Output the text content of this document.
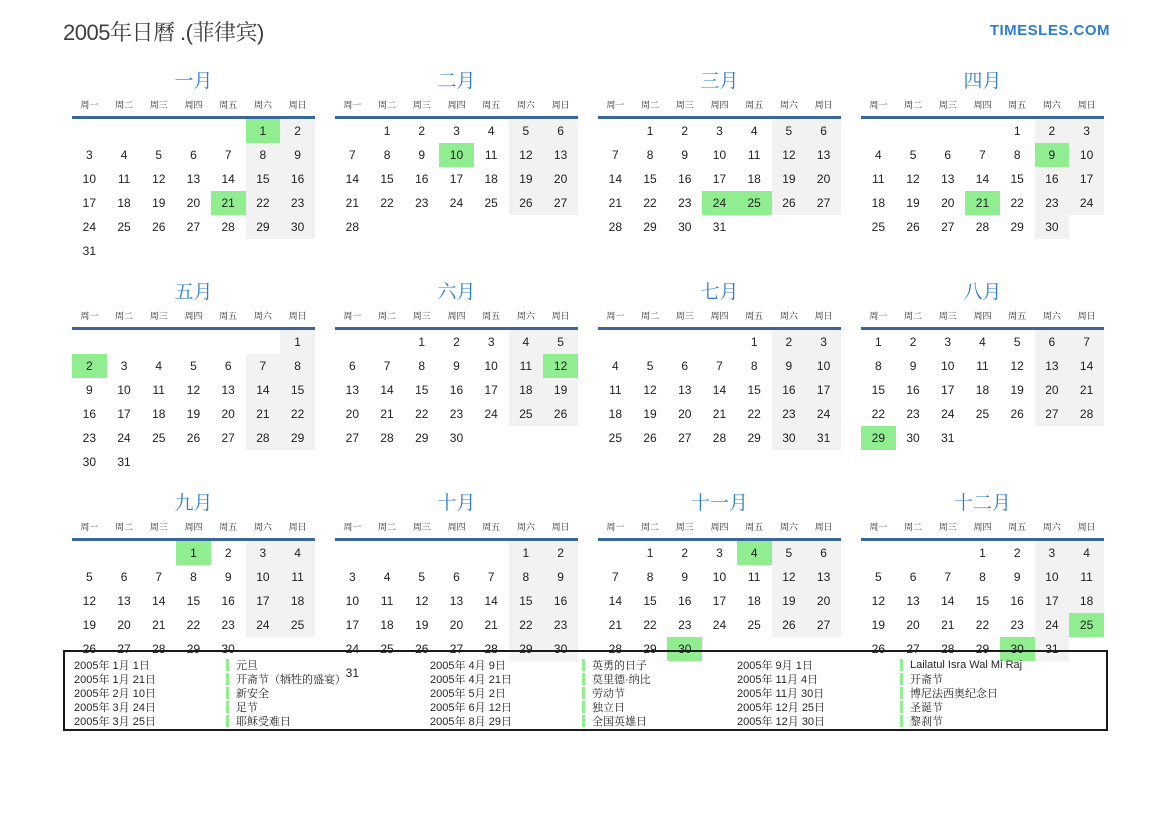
2005年日曆 .(菲律宾)	TIMESLES.COM
一月
周一	周二	周三	周四	周五	周六	周日
					1	2
3	4	5	6	7	8	9
10	11	12	13	14	15	16
17	18	19	20	21	22	23
24	25	26	27	28	29	30
31						
二月
周一	周二	周三	周四	周五	周六	周日
	1	2	3	4	5	6
7	8	9	10	11	12	13
14	15	16	17	18	19	20
21	22	23	24	25	26	27
28						
三月
周一	周二	周三	周四	周五	周六	周日
	1	2	3	4	5	6
7	8	9	10	11	12	13
14	15	16	17	18	19	20
21	22	23	24	25	26	27
28	29	30	31			
四月
周一	周二	周三	周四	周五	周六	周日
				1	2	3
4	5	6	7	8	9	10
11	12	13	14	15	16	17
18	19	20	21	22	23	24
25	26	27	28	29	30	
五月
周一	周二	周三	周四	周五	周六	周日
						1
2	3	4	5	6	7	8
9	10	11	12	13	14	15
16	17	18	19	20	21	22
23	24	25	26	27	28	29
30	31					
六月
周一	周二	周三	周四	周五	周六	周日
		1	2	3	4	5
6	7	8	9	10	11	12
13	14	15	16	17	18	19
20	21	22	23	24	25	26
27	28	29	30			
七月
周一	周二	周三	周四	周五	周六	周日
				1	2	3
4	5	6	7	8	9	10
11	12	13	14	15	16	17
18	19	20	21	22	23	24
25	26	27	28	29	30	31
八月
周一	周二	周三	周四	周五	周六	周日
1	2	3	4	5	6	7
8	9	10	11	12	13	14
15	16	17	18	19	20	21
22	23	24	25	26	27	28
29	30	31				
九月
周一	周二	周三	周四	周五	周六	周日
			1	2	3	4
5	6	7	8	9	10	11
12	13	14	15	16	17	18
19	20	21	22	23	24	25
26	27	28	29	30		
十月
周一	周二	周三	周四	周五	周六	周日
					1	2
3	4	5	6	7	8	9
10	11	12	13	14	15	16
17	18	19	20	21	22	23
24	25	26	27	28	29	30
31						
十一月
周一	周二	周三	周四	周五	周六	周日
	1	2	3	4	5	6
7	8	9	10	11	12	13
14	15	16	17	18	19	20
21	22	23	24	25	26	27
28	29	30				
十二月
周一	周二	周三	周四	周五	周六	周日
			1	2	3	4
5	6	7	8	9	10	11
12	13	14	15	16	17	18
19	20	21	22	23	24	25
26	27	28	29	30	31	
2005年 1月 1日	元旦
2005年 1月 21日	开斋节（牺牲的盛宴）
2005年 2月 10日	新安全
2005年 3月 24日	足节
2005年 3月 25日	耶稣受难日
2005年 4月 9日	英勇的日子
2005年 4月 21日	莫里德·纳比
2005年 5月 2日	劳动节
2005年 6月 12日	独立日
2005年 8月 29日	全国英雄日
2005年 9月 1日	Lailatul Isra Wal Mi Raj
2005年 11月 4日	开斋节
2005年 11月 30日	博尼法西奥纪念日
2005年 12月 25日	圣诞节
2005年 12月 30日	黎刹节
